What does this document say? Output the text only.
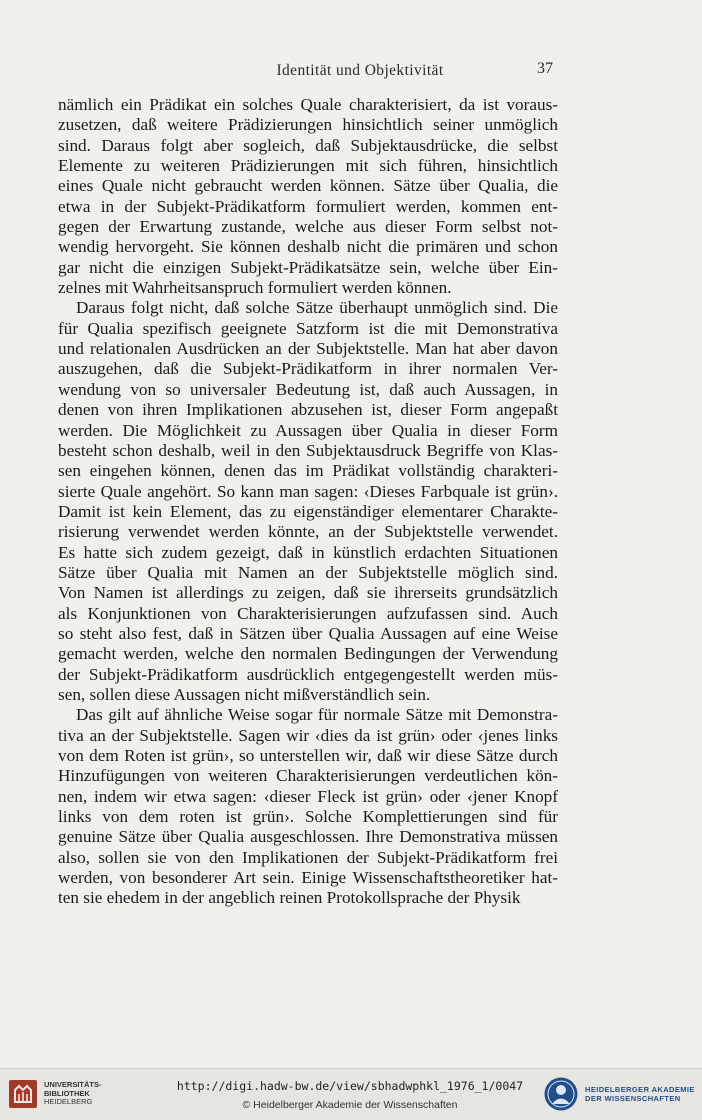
Identität und Objektivität	37
nämlich ein Prädikat ein solches Quale charakterisiert, da ist voraus-
zusetzen, daß weitere Prädizierungen hinsichtlich seiner unmöglich
sind. Daraus folgt aber sogleich, daß Subjektausdrücke, die selbst
Elemente zu weiteren Prädizierungen mit sich führen, hinsichtlich
eines Quale nicht gebraucht werden können. Sätze über Qualia, die
etwa in der Subjekt-Prädikatform formuliert werden, kommen ent-
gegen der Erwartung zustande, welche aus dieser Form selbst not-
wendig hervorgeht. Sie können deshalb nicht die primären und schon
gar nicht die einzigen Subjekt-Prädikatsätze sein, welche über Ein-
zelnes mit Wahrheitsanspruch formuliert werden können.
Daraus folgt nicht, daß solche Sätze überhaupt unmöglich sind. Die
für Qualia spezifisch geeignete Satzform ist die mit Demonstrativa
und relationalen Ausdrücken an der Subjektstelle. Man hat aber davon
auszugehen, daß die Subjekt-Prädikatform in ihrer normalen Ver-
wendung von so universaler Bedeutung ist, daß auch Aussagen, in
denen von ihren Implikationen abzusehen ist, dieser Form angepaßt
werden. Die Möglichkeit zu Aussagen über Qualia in dieser Form
besteht schon deshalb, weil in den Subjektausdruck Begriffe von Klas-
sen eingehen können, denen das im Prädikat vollständig charakteri-
sierte Quale angehört. So kann man sagen: ‹Dieses Farbquale ist grün›.
Damit ist kein Element, das zu eigenständiger elementarer Charakte-
risierung verwendet werden könnte, an der Subjektstelle verwendet.
Es hatte sich zudem gezeigt, daß in künstlich erdachten Situationen
Sätze über Qualia mit Namen an der Subjektstelle möglich sind.
Von Namen ist allerdings zu zeigen, daß sie ihrerseits grundsätzlich
als Konjunktionen von Charakterisierungen aufzufassen sind. Auch
so steht also fest, daß in Sätzen über Qualia Aussagen auf eine Weise
gemacht werden, welche den normalen Bedingungen der Verwendung
der Subjekt-Prädikatform ausdrücklich entgegengestellt werden müs-
sen, sollen diese Aussagen nicht mißverständlich sein.
Das gilt auf ähnliche Weise sogar für normale Sätze mit Demonstra-
tiva an der Subjektstelle. Sagen wir ‹dies da ist grün› oder ‹jenes links
von dem Roten ist grün›, so unterstellen wir, daß wir diese Sätze durch
Hinzufügungen von weiteren Charakterisierungen verdeutlichen kön-
nen, indem wir etwa sagen: ‹dieser Fleck ist grün› oder ‹jener Knopf
links von dem roten ist grün›. Solche Komplettierungen sind für
genuine Sätze über Qualia ausgeschlossen. Ihre Demonstrativa müssen
also, sollen sie von den Implikationen der Subjekt-Prädikatform frei
werden, von besonderer Art sein. Einige Wissenschaftstheoretiker hat-
ten sie ehedem in der angeblich reinen Protokollsprache der Physik
UNIVERSITÄTS-
BIBLIOTHEK
HEIDELBERG
http://digi.hadw-bw.de/view/sbhadwphkl_1976_1/0047
© Heidelberger Akademie der Wissenschaften
HEIDELBERGER AKADEMIE
DER WISSENSCHAFTEN
